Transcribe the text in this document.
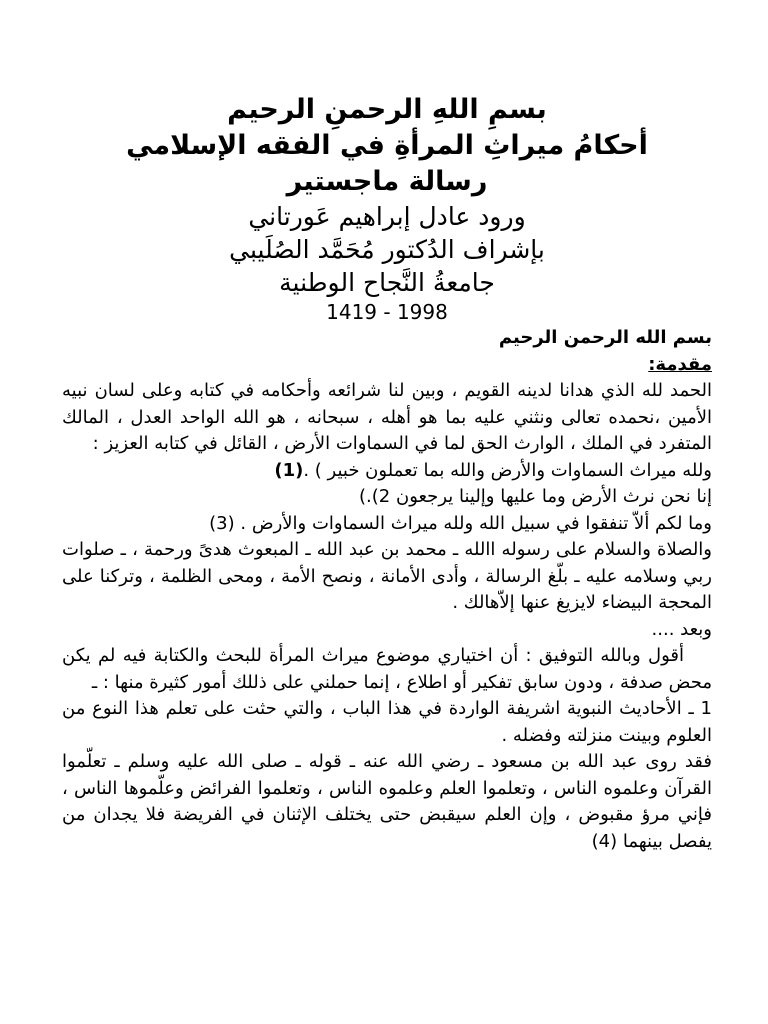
بسمِ اللهِ الرحمنِ الرحيم
أحكامُ ميراثِ المرأةِ في الفقه الإسلامي
رسالة ماجستير
ورود عادل إبراهيم عَورتاني
بإشراف الدُكتور مُحَمَّد الصُلَيبي
جامعةُ النَّجاح الوطنية
1419 - 1998

بسم الله الرحمن الرحيم

مقدمة:

الحمد لله الذي هدانا لدينه القويم ، وبين لنا شرائعه وأحكامه في كتابه وعلى لسان نبيه الأمين ،نحمده تعالى ونثني عليه بما هو أهله ، سبحانه ، هو الله الواحد العدل ، المالك المتفرد في الملك ، الوارث الحق لما في السماوات الأرض ، القائل في كتابه العزيز :

ولله ميراث السماوات والأرض والله بما تعملون خبير ) .(1)

إنا نحن نرث الأرض وما عليها وإلينا يرجعون 2).)

وما لكم ألاّ تنفقوا في سبيل الله ولله ميراث السماوات والأرض . (3)

والصلاة والسلام على رسوله االله ـ محمد بن عبد الله ـ المبعوث هدىً ورحمة ، ـ صلوات ربي وسلامه عليه ـ بلّغ الرسالة ، وأدى الأمانة ، ونصح الأمة ، ومحى الظلمة ، وتركنا على المحجة البيضاء لايزيغ عنها إلاّهالك .

وبعد ....

أقول وبالله التوفيق : أن اختياري موضوع ميراث المرأة للبحث والكتابة فيه لم يكن محض صدفة ، ودون سابق تفكير أو اطلاع ، إنما حملني على ذللك أمور كثيرة منها : ـ

1 ـ الأحاديث النبوية اشريفة الواردة في هذا الباب ، والتي حثت على تعلم هذا النوع من العلوم وبينت منزلته وفضله .

فقد روى عبد الله بن مسعود ـ رضي الله عنه ـ قوله ـ صلى الله عليه وسلم ـ تعلّموا القرآن وعلموه الناس ، وتعلموا العلم وعلموه الناس ، وتعلموا الفرائض وعلّموها الناس ، فإني مرؤ مقبوض ، وإن العلم سيقبض حتى يختلف الإثنان في الفريضة فلا يجدان من يفصل بينهما (4)
